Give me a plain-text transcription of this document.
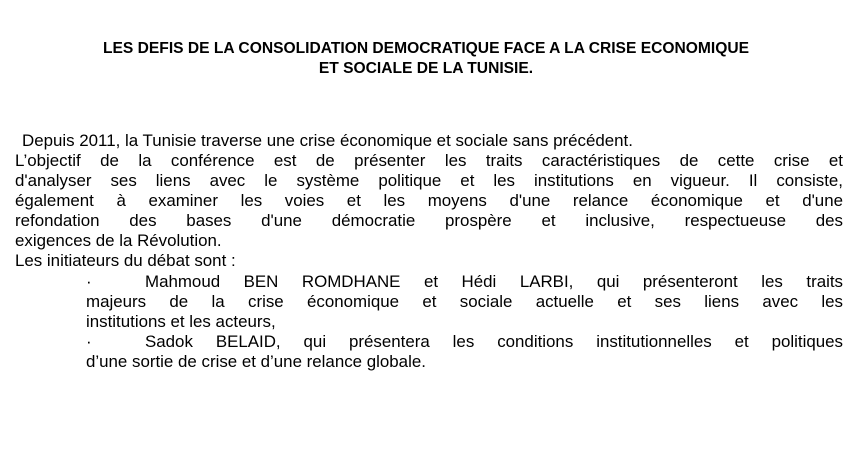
LES DEFIS DE LA CONSOLIDATION DEMOCRATIQUE FACE A LA CRISE ECONOMIQUE
ET SOCIALE DE LA TUNISIE.
Depuis 2011, la Tunisie traverse une crise économique et sociale sans précédent.
L’objectif de la conférence est de présenter les traits caractéristiques de cette crise et
d'analyser ses liens avec le système politique et les institutions en vigueur. Il consiste,
également à examiner les voies et les moyens d'une relance économique et d'une
refondation des bases d'une démocratie prospère et inclusive, respectueuse des
exigences de la Révolution.
Les initiateurs du débat sont :
·	Mahmoud BEN ROMDHANE et Hédi LARBI, qui présenteront les traits
majeurs de la crise économique et sociale actuelle et ses liens avec les
institutions et les acteurs,
·	Sadok BELAID, qui présentera les conditions institutionnelles et politiques
d’une sortie de crise et d’une relance globale.
